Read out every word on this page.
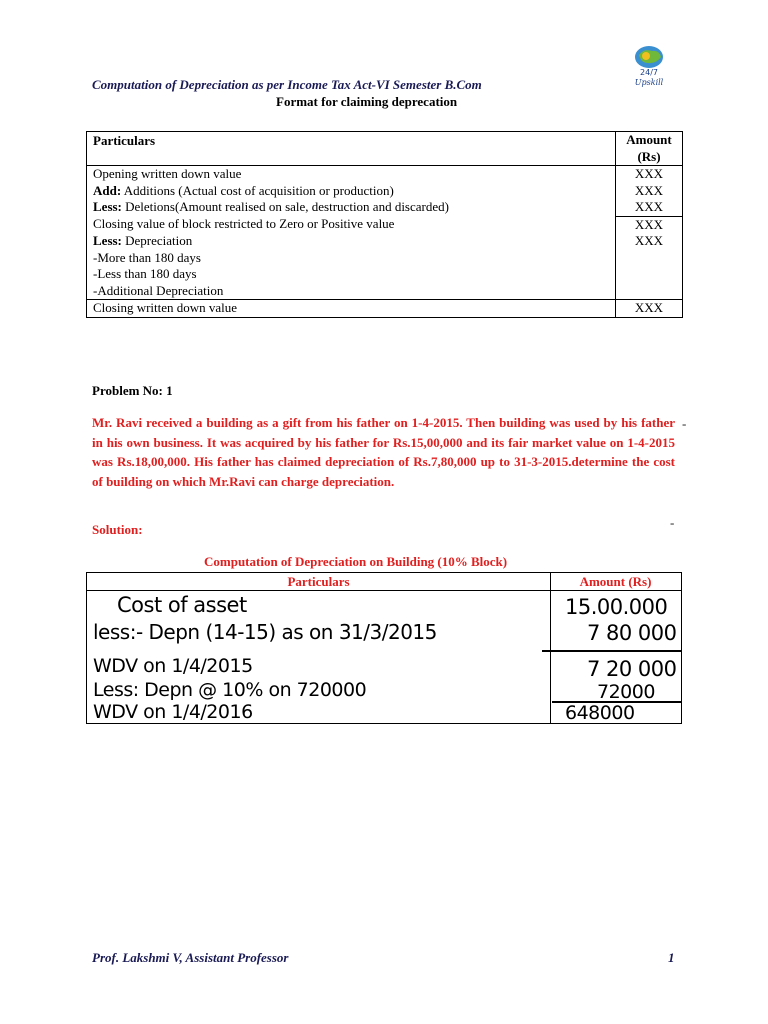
24/7
Upskill
Computation of Depreciation as per Income Tax Act-VI Semester B.Com
Format for claiming deprecation
Particulars	Amount
(Rs)

Opening written down value	XXX
Add: Additions (Actual cost of acquisition or production)	XXX
Less: Deletions(Amount realised on sale, destruction and discarded)	XXX
Closing value of block restricted to Zero or Positive value	XXX
Less: Depreciation	XXX
-More than 180 days	
-Less than 180 days	
-Additional Depreciation	
Closing written down value	XXX
Problem No: 1
Mr. Ravi received a building as a gift from his father on 1-4-2015. Then building was used by his father in his own business. It was acquired by his father for Rs.15,00,000 and its fair market value on 1-4-2015 was Rs.18,00,000. His father has claimed depreciation of Rs.7,80,000 up to 31-3-2015.determine the cost of building on which Mr.Ravi can charge depreciation.
-
-
Solution:
Computation of Depreciation on Building (10% Block)
Particulars	Amount (Rs)
Cost of asset	15.00.000
less:- Depn (14-15) as on 31/3/2015	7 80 000
WDV on 1/4/2015	7 20 000
Less: Depn @ 10% on 720000	72000
WDV on 1/4/2016	648000
Prof. Lakshmi V, Assistant Professor	1
